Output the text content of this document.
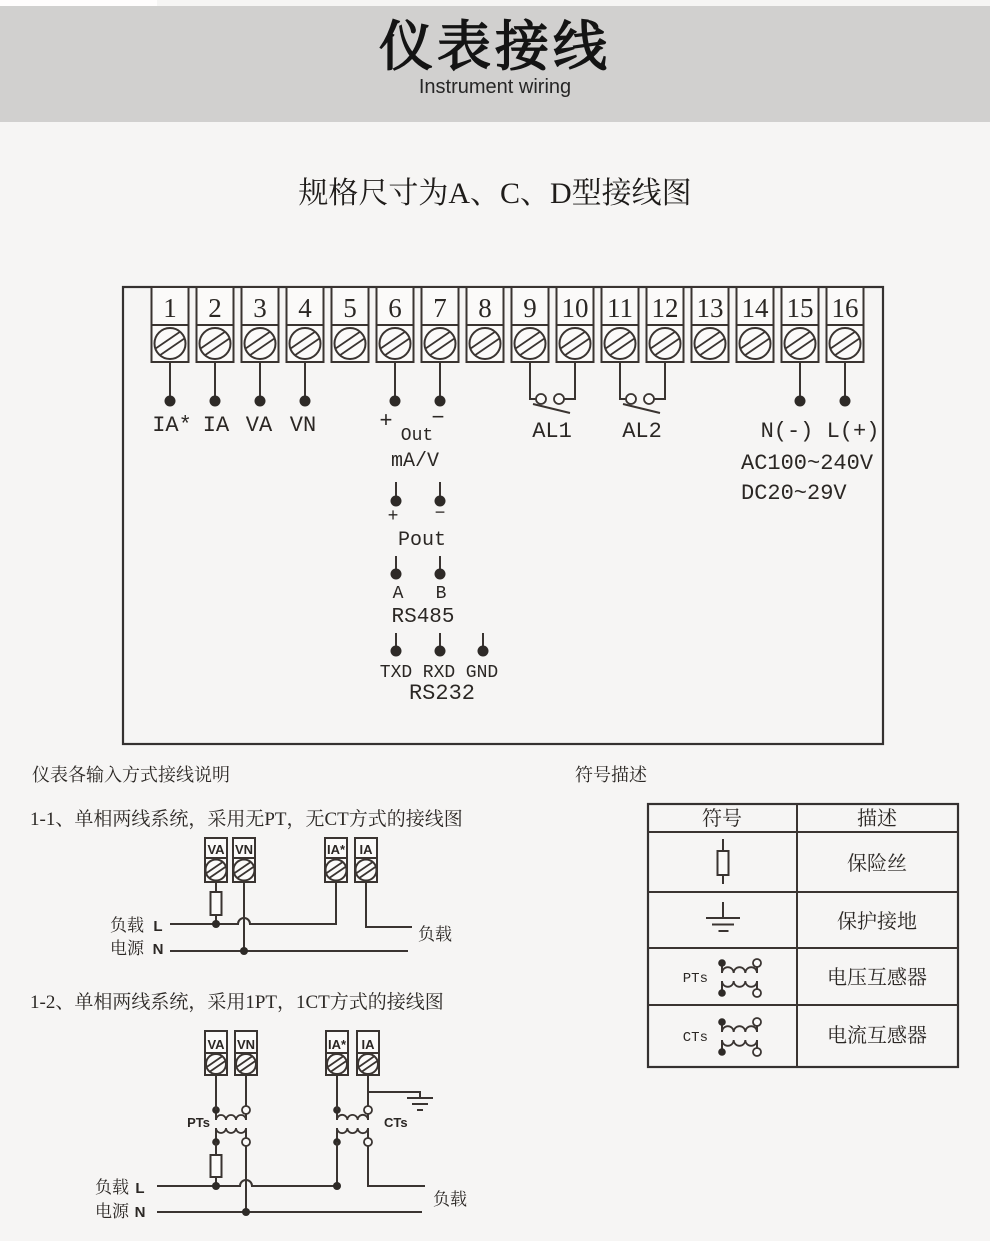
仪表接线
Instrument wiring
规格尺寸为A、C、D型接线图
1 2 3 4 5 6 7 8 9 10 11 12 13 14 15 16
IA* IA VA VN	+ −
Out
mA/V
AL1 AL2	N(-) L(+)
AC100~240V
DC20~29V
+ −
Pout
A B
RS485
TXD RXD GND
RS232
仪表各输入方式接线说明	符号描述
1-1、单相两线系统，采用无PT，无CT方式的接线图
1-2、单相两线系统，采用1PT，1CT方式的接线图
VA VN	IA* IA
负载 L
电源 N
负载
VA VN	IA* IA
PTs	CTs
负载 L
电源 N
负载
符号	描述
保险丝
保护接地
PTs	电压互感器
CTs	电流互感器
